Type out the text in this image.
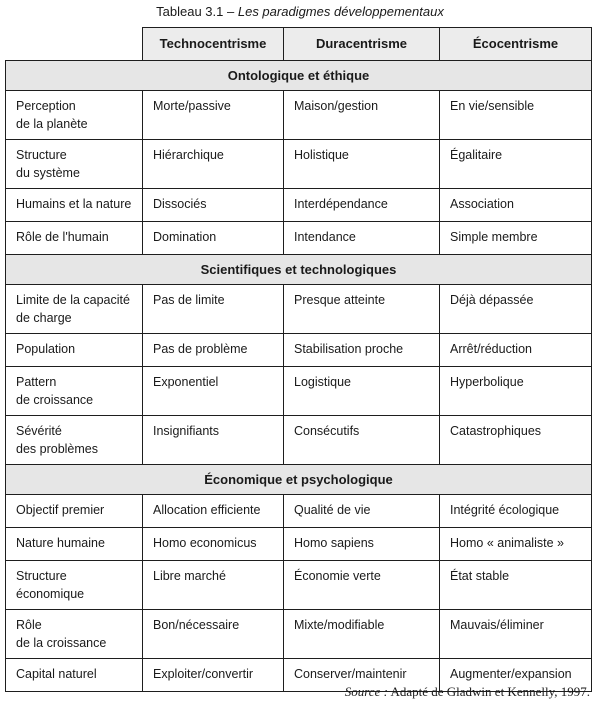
Tableau 3.1 – Les paradigmes développementaux
	Technocentrisme	Duracentrisme	Écocentrisme
Ontologique et éthique			
Perception
de la planète	Morte/passive	Maison/gestion	En vie/sensible
Structure
du système	Hiérarchique	Holistique	Égalitaire
Humains et la nature	Dissociés	Interdépendance	Association
Rôle de l'humain	Domination	Intendance	Simple membre
Scientifiques et technologiques			
Limite de la capacité
de charge	Pas de limite	Presque atteinte	Déjà dépassée
Population	Pas de problème	Stabilisation proche	Arrêt/réduction
Pattern
de croissance	Exponentiel	Logistique	Hyperbolique
Sévérité
des problèmes	Insignifiants	Consécutifs	Catastrophiques
Économique et psychologique			
Objectif premier	Allocation efficiente	Qualité de vie	Intégrité écologique
Nature humaine	Homo economicus	Homo sapiens	Homo « animaliste »
Structure
économique	Libre marché	Économie verte	État stable
Rôle
de la croissance	Bon/nécessaire	Mixte/modifiable	Mauvais/éliminer
Capital naturel	Exploiter/convertir	Conserver/maintenir	Augmenter/expansion
Source : Adapté de Gladwin et Kennelly, 1997.
